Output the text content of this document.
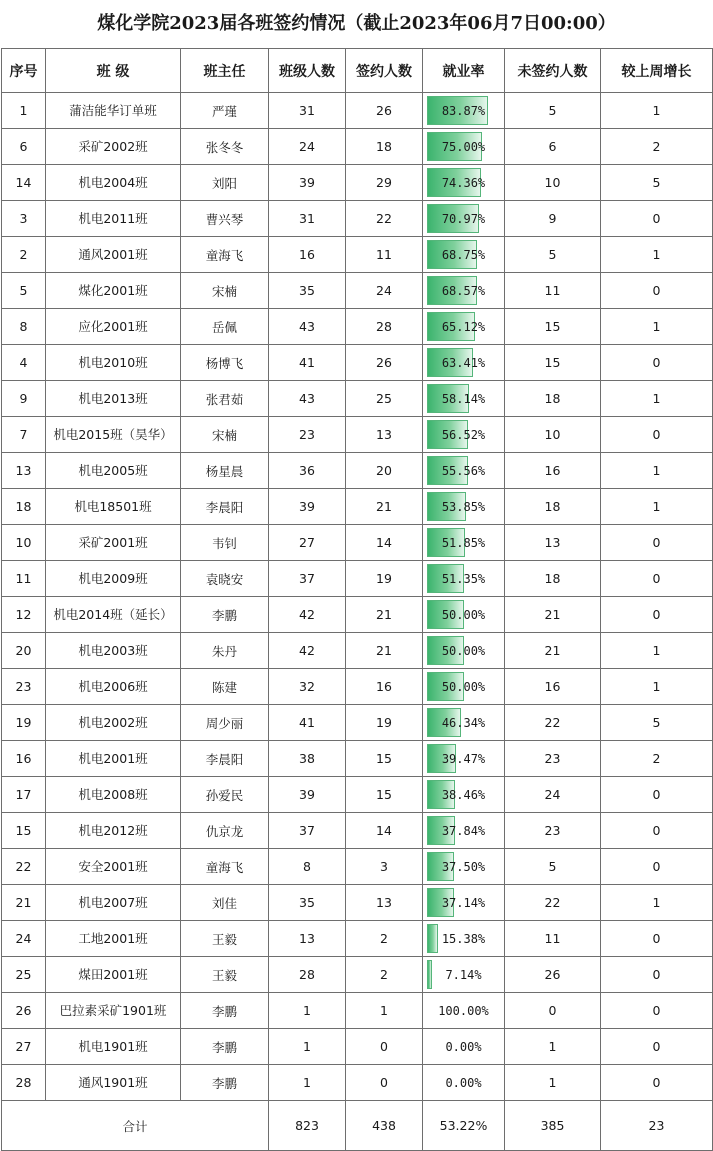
煤化学院2023届各班签约情况（截止2023年06月7日00:00）
序号	班 级	班主任	班级人数	签约人数	就业率	未签约人数	较上周增长
1	蒲洁能华订单班	严瑾	31	26	83.87%	5	1
6	采矿2002班	张冬冬	24	18	75.00%	6	2
14	机电2004班	刘阳	39	29	74.36%	10	5
3	机电2011班	曹兴琴	31	22	70.97%	9	0
2	通风2001班	童海飞	16	11	68.75%	5	1
5	煤化2001班	宋楠	35	24	68.57%	11	0
8	应化2001班	岳佩	43	28	65.12%	15	1
4	机电2010班	杨博飞	41	26	63.41%	15	0
9	机电2013班	张君茹	43	25	58.14%	18	1
7	机电2015班（昊华）	宋楠	23	13	56.52%	10	0
13	机电2005班	杨星晨	36	20	55.56%	16	1
18	机电18501班	李晨阳	39	21	53.85%	18	1
10	采矿2001班	韦钊	27	14	51.85%	13	0
11	机电2009班	袁晓安	37	19	51.35%	18	0
12	机电2014班（延长）	李鹏	42	21	50.00%	21	0
20	机电2003班	朱丹	42	21	50.00%	21	1
23	机电2006班	陈建	32	16	50.00%	16	1
19	机电2002班	周少丽	41	19	46.34%	22	5
16	机电2001班	李晨阳	38	15	39.47%	23	2
17	机电2008班	孙爱民	39	15	38.46%	24	0
15	机电2012班	仇京龙	37	14	37.84%	23	0
22	安全2001班	童海飞	8	3	37.50%	5	0
21	机电2007班	刘佳	35	13	37.14%	22	1
24	工地2001班	王毅	13	2	15.38%	11	0
25	煤田2001班	王毅	28	2	7.14%	26	0
26	巴拉素采矿1901班	李鹏	1	1	100.00%	0	0
27	机电1901班	李鹏	1	0	0.00%	1	0
28	通风1901班	李鹏	1	0	0.00%	1	0
合计			823	438	53.22%	385	23
